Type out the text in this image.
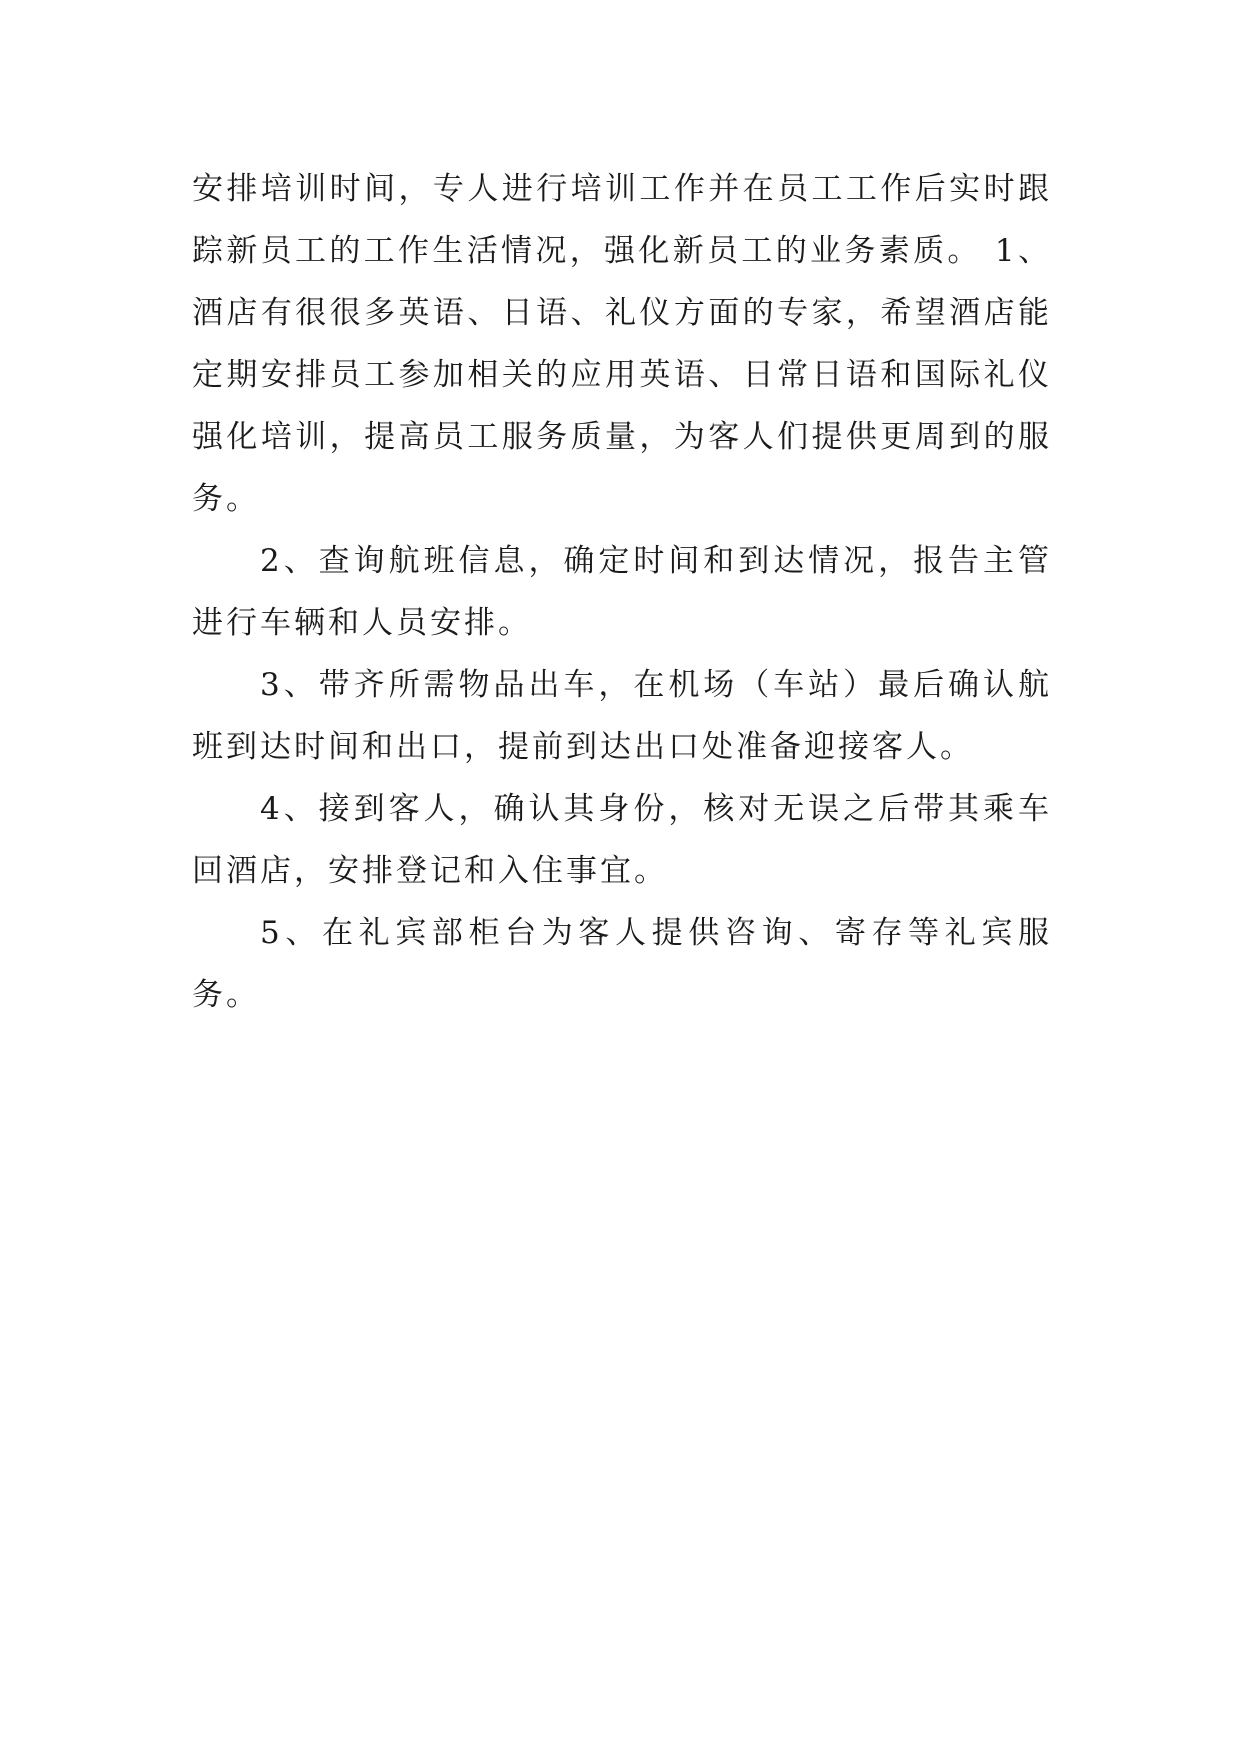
安排培训时间，专人进行培训工作并在员工工作后实时跟踪新员工的工作生活情况，强化新员工的业务素质。 1、酒店有很很多英语、日语、礼仪方面的专家，希望酒店能定期安排员工参加相关的应用英语、日常日语和国际礼仪强化培训，提高员工服务质量，为客人们提供更周到的服务。

2、查询航班信息，确定时间和到达情况，报告主管进行车辆和人员安排。

3、带齐所需物品出车，在机场（车站）最后确认航班到达时间和出口，提前到达出口处准备迎接客人。

4、接到客人，确认其身份，核对无误之后带其乘车回酒店，安排登记和入住事宜。

5、在礼宾部柜台为客人提供咨询、寄存等礼宾服务。
